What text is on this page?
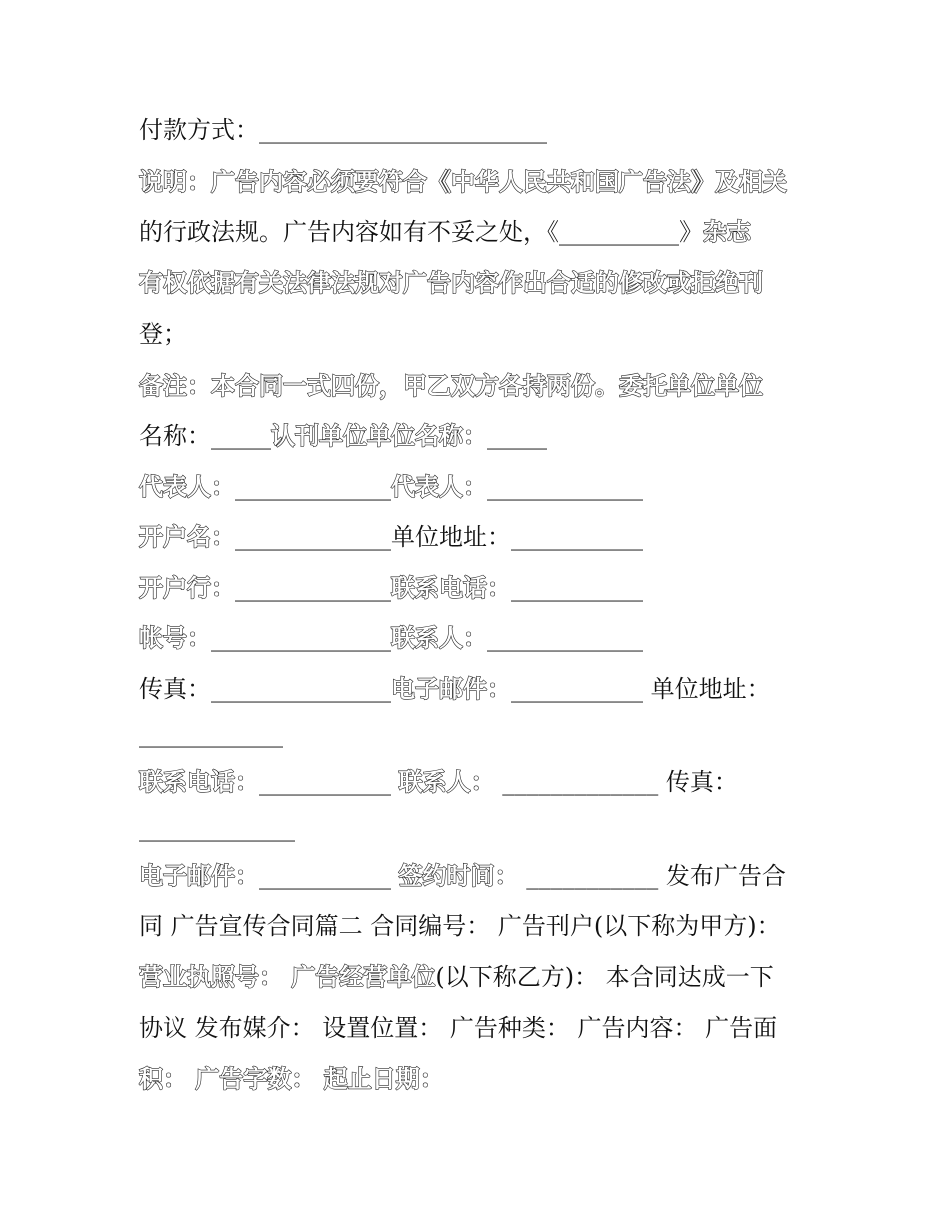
付款方式：________________________

说明：广告内容必须要符合《中华人民共和国广告法》及相关

的行政法规。广告内容如有不妥之处，《__________》杂志

有权依据有关法律法规对广告内容作出合适的修改或拒绝刊

登；

备注：本合同一式四份，甲乙双方各持两份。委托单位单位

名称：_____认刊单位单位名称：_____

代表人：_____________代表人：_____________

开户名：_____________单位地址：___________

开户行：_____________联系电话：___________

帐号：_______________联系人：_____________

传真：_______________电子邮件：___________ 单位地址：

____________

联系电话：___________ 联系人： _____________ 传真：

_____________

电子邮件：___________ 签约时间： ___________ 发布广告合

同 广告宣传合同篇二 合同编号： 广告刊户(以下称为甲方)：

营业执照号： 广告经营单位(以下称乙方)： 本合同达成一下

协议 发布媒介： 设置位置： 广告种类： 广告内容： 广告面

积： 广告字数： 起止日期：
